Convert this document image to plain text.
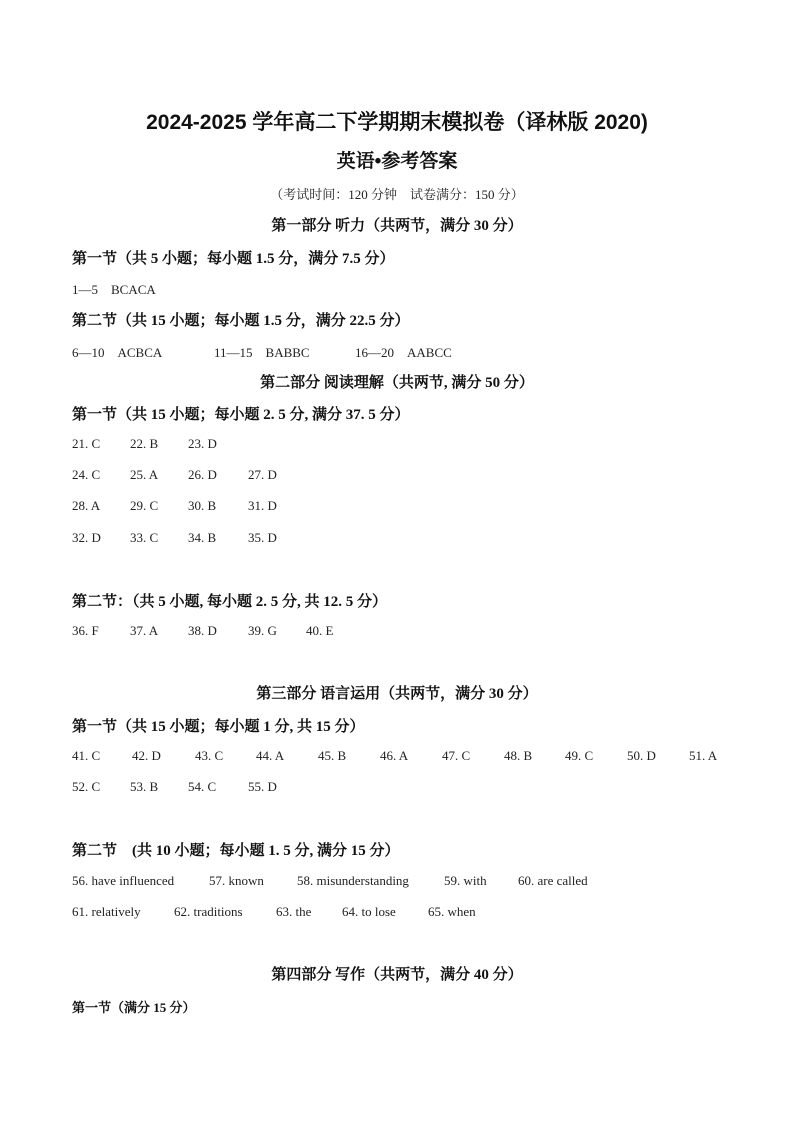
2024-2025 学年高二下学期期末模拟卷（译林版 2020)
英语•参考答案
（考试时间：120 分钟　试卷满分：150 分）
第一部分 听力（共两节，满分 30 分）
第一节（共 5 小题；每小题 1.5 分，满分 7.5 分）
1—5　BCACA
第二节（共 15 小题；每小题 1.5 分，满分 22.5 分）
6—10　ACBCA	11—15　BABBC	16—20　AABCC
第二部分 阅读理解（共两节, 满分 50 分）
第一节（共 15 小题；每小题 2. 5 分, 满分 37. 5 分）
21. C 22. B 23. D
24. C 25. A 26. D 27. D
28. A 29. C 30. B 31. D
32. D 33. C 34. B 35. D
第二节：（共 5 小题, 每小题 2. 5 分, 共 12. 5 分）
36. F 37. A 38. D 39. G 40. E
第三部分 语言运用（共两节，满分 30 分）
第一节（共 15 小题；每小题 1 分, 共 15 分）
41. C 42. D	43. C	44. A	45. B	46. A	47. C	48. B	49. C	50. D	51. A
52. C 53. B 54. C 55. D
第二节　(共 10 小题；每小题 1. 5 分, 满分 15 分）
56. have influenced	57. known	58. misunderstanding	59. with 60. are called
61. relatively	62. traditions	63. the 64. to lose 65. when
第四部分 写作（共两节，满分 40 分）
第一节（满分 15 分）
